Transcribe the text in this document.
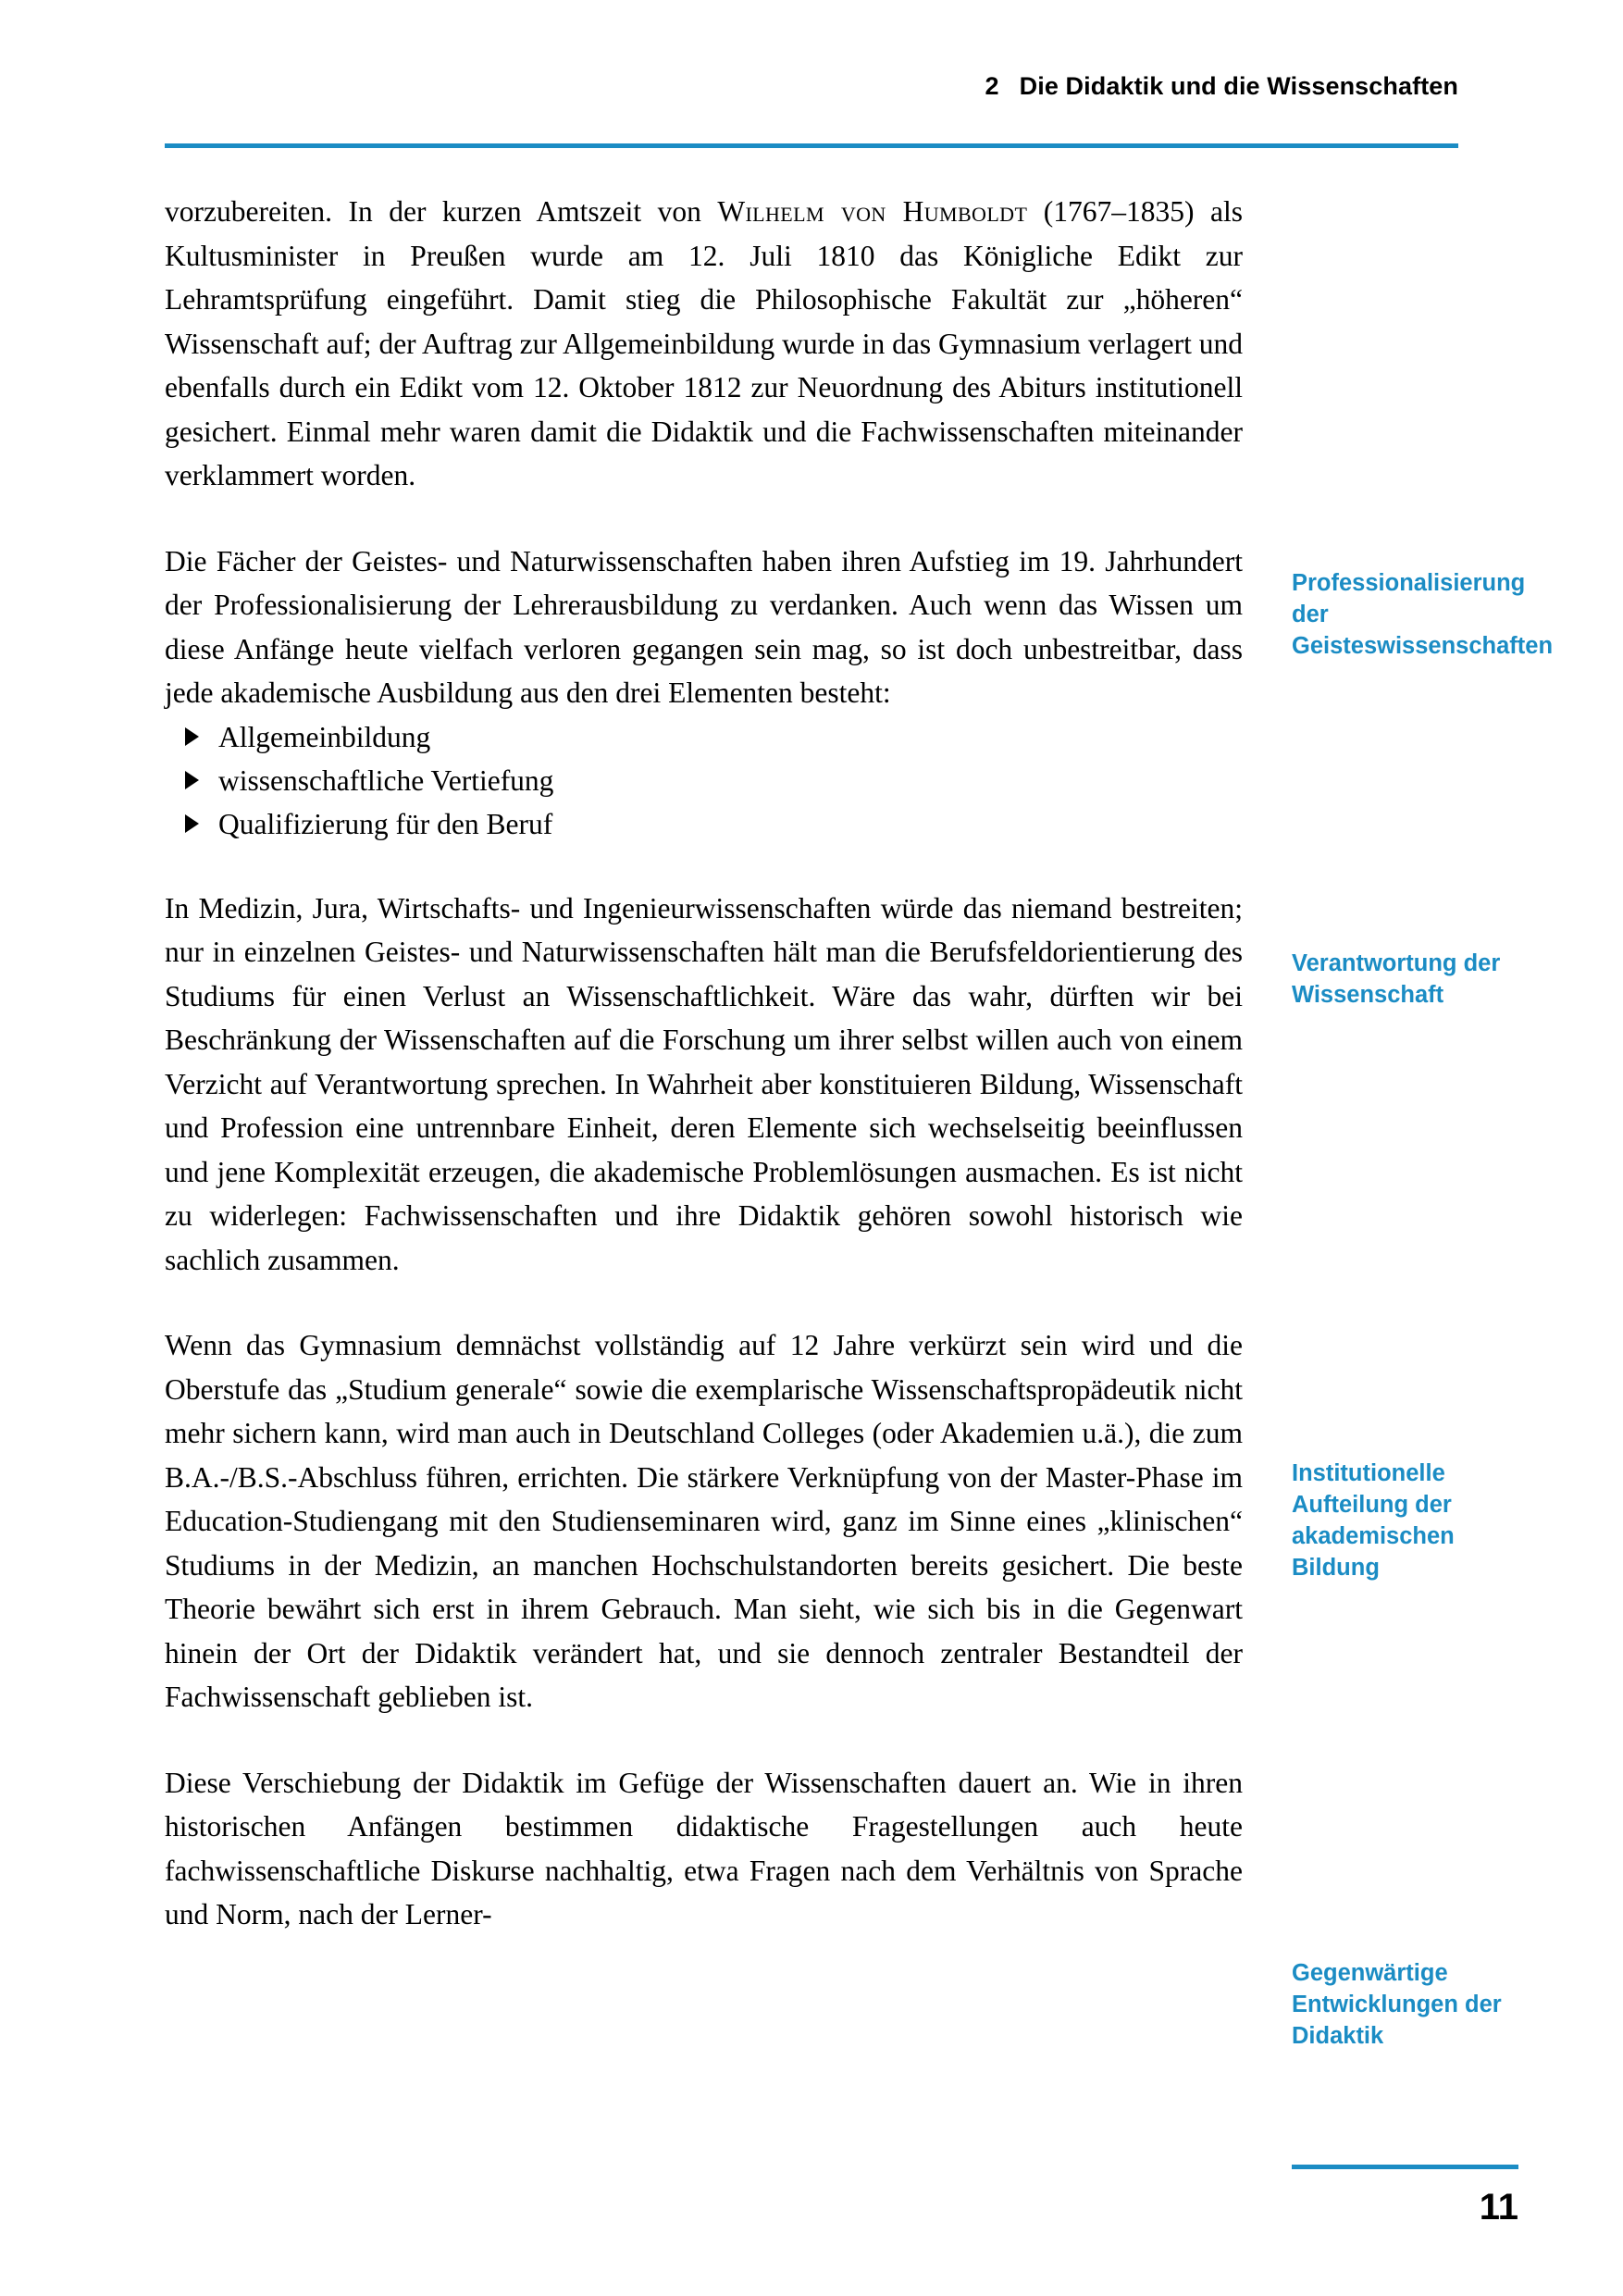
2 Die Didaktik und die Wissenschaften

vorzubereiten. In der kurzen Amtszeit von Wilhelm von Humboldt (1767–1835) als Kultusminister in Preußen wurde am 12. Juli 1810 das Königliche Edikt zur Lehramtsprüfung eingeführt. Damit stieg die Philosophische Fakultät zur „höheren“ Wissenschaft auf; der Auftrag zur Allgemeinbildung wurde in das Gymnasium verlagert und ebenfalls durch ein Edikt vom 12. Oktober 1812 zur Neuordnung des Abiturs institutionell gesichert. Einmal mehr waren damit die Didaktik und die Fachwissenschaften miteinander verklammert worden.

Die Fächer der Geistes- und Naturwissenschaften haben ihren Aufstieg im 19. Jahrhundert der Professionalisierung der Lehrerausbildung zu verdanken. Auch wenn das Wissen um diese Anfänge heute vielfach verloren gegangen sein mag, so ist doch unbestreitbar, dass jede akademische Ausbildung aus den drei Elementen besteht:

Allgemeinbildung
wissenschaftliche Vertiefung
Qualifizierung für den Beruf

In Medizin, Jura, Wirtschafts- und Ingenieurwissenschaften würde das niemand bestreiten; nur in einzelnen Geistes- und Naturwissenschaften hält man die Berufsfeldorientierung des Studiums für einen Verlust an Wissenschaftlichkeit. Wäre das wahr, dürften wir bei Beschränkung der Wissenschaften auf die Forschung um ihrer selbst willen auch von einem Verzicht auf Verantwortung sprechen. In Wahrheit aber konstituieren Bildung, Wissenschaft und Profession eine untrennbare Einheit, deren Elemente sich wechselseitig beeinflussen und jene Komplexität erzeugen, die akademische Problemlösungen ausmachen. Es ist nicht zu widerlegen: Fachwissenschaften und ihre Didaktik gehören sowohl historisch wie sachlich zusammen.

Wenn das Gymnasium demnächst vollständig auf 12 Jahre verkürzt sein wird und die Oberstufe das „Studium generale“ sowie die exemplarische Wissenschaftspropädeutik nicht mehr sichern kann, wird man auch in Deutschland Colleges (oder Akademien u.ä.), die zum B.A.-/B.S.-Abschluss führen, errichten. Die stärkere Verknüpfung von der Master-Phase im Education-Studiengang mit den Studienseminaren wird, ganz im Sinne eines „klinischen“ Studiums in der Medizin, an manchen Hochschulstandorten bereits gesichert. Die beste Theorie bewährt sich erst in ihrem Gebrauch. Man sieht, wie sich bis in die Gegenwart hinein der Ort der Didaktik verändert hat, und sie dennoch zentraler Bestandteil der Fachwissenschaft geblieben ist.

Diese Verschiebung der Didaktik im Gefüge der Wissenschaften dauert an. Wie in ihren historischen Anfängen bestimmen didaktische Fragestellungen auch heute fachwissenschaftliche Diskurse nachhaltig, etwa Fragen nach dem Verhältnis von Sprache und Norm, nach der Lerner-

Professionalisierung der Geisteswissenschaften
Verantwortung der Wissenschaft
Institutionelle Aufteilung der akademischen Bildung
Gegenwärtige Entwicklungen der Didaktik
11
